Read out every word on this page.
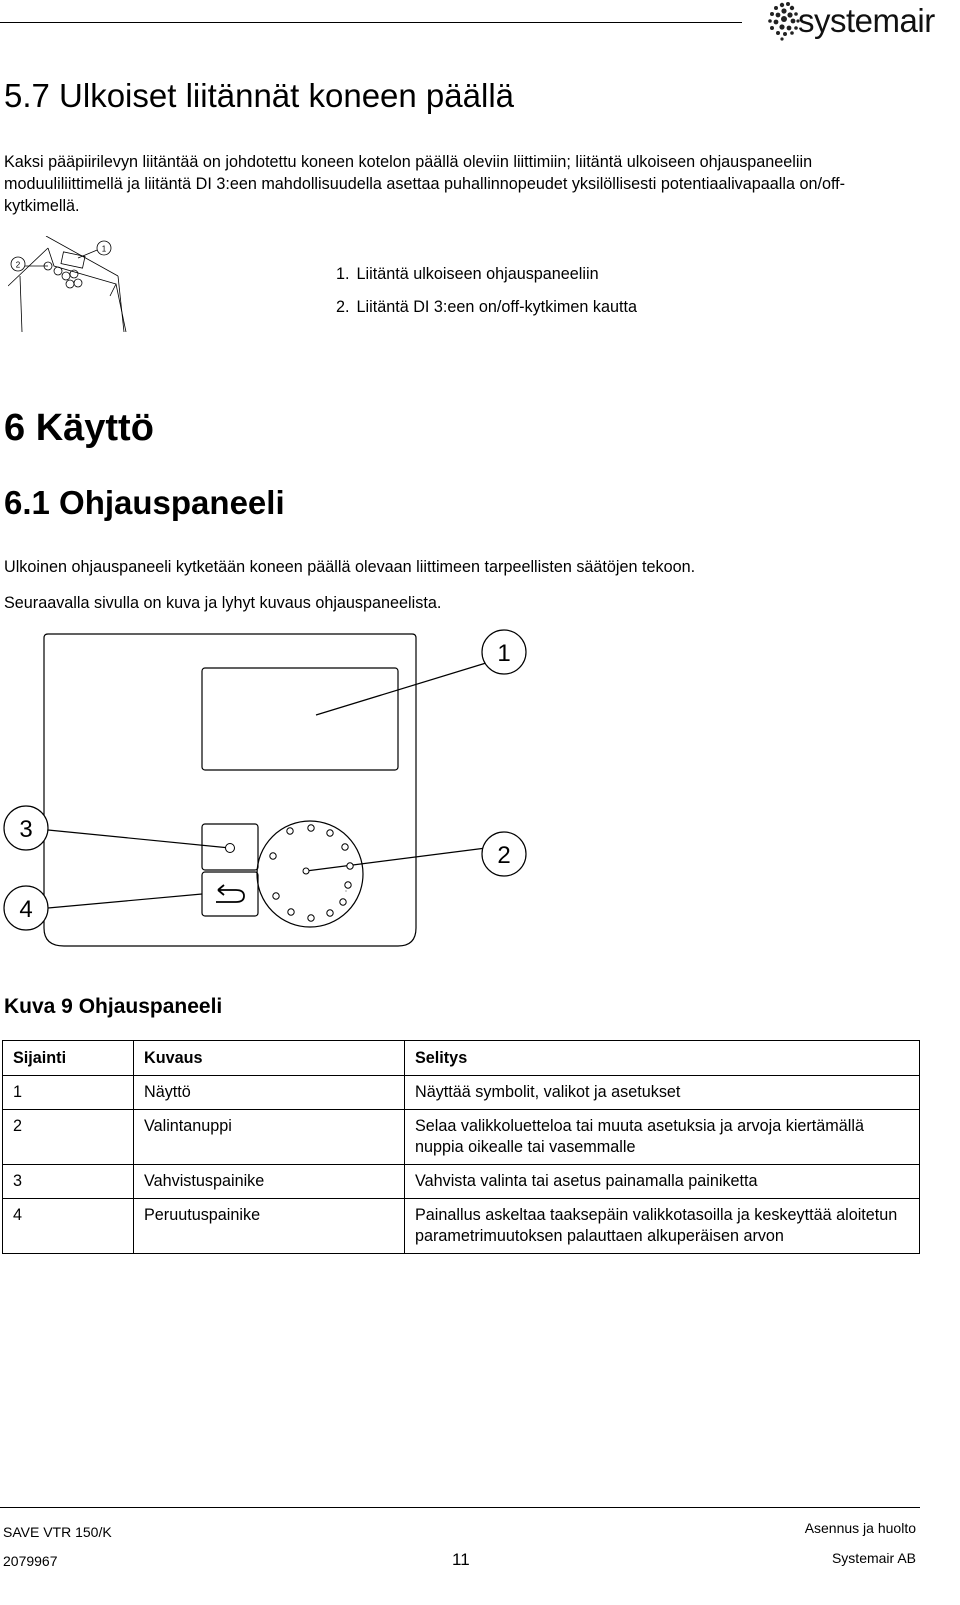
systemair
5.7 Ulkoiset liitännät koneen päällä
Kaksi pääpiirilevyn liitäntää on johdotettu koneen kotelon päällä oleviin liittimiin; liitäntä ulkoiseen ohjauspaneeliin moduuliliittimellä ja liitäntä DI 3:een mahdollisuudella asettaa puhallinnopeudet yksilöllisesti potentiaalivapaalla on/off-kytkimellä.
2
1
1. Liitäntä ulkoiseen ohjauspaneeliin
2. Liitäntä DI 3:een on/off-kytkimen kautta
6 Käyttö
6.1 Ohjauspaneeli
Ulkoinen ohjauspaneeli kytketään koneen päällä olevaan liittimeen tarpeellisten säätöjen tekoon.
Seuraavalla sivulla on kuva ja lyhyt kuvaus ohjauspaneelista.
1
2
3
4
Kuva 9 Ohjauspaneeli
Sijainti	Kuvaus	Selitys
1	Näyttö	Näyttää symbolit, valikot ja asetukset
2	Valintanuppi	Selaa valikkoluetteloa tai muuta asetuksia ja arvoja kiertämällä nuppia oikealle tai vasemmalle
3	Vahvistuspainike	Vahvista valinta tai asetus painamalla painiketta
4	Peruutuspainike	Painallus askeltaa taaksepäin valikkotasoilla ja keskeyttää aloitetun parametrimuutoksen palauttaen alkuperäisen arvon
SAVE VTR 150/K
2079967	11
Asennus ja huolto
Systemair AB
